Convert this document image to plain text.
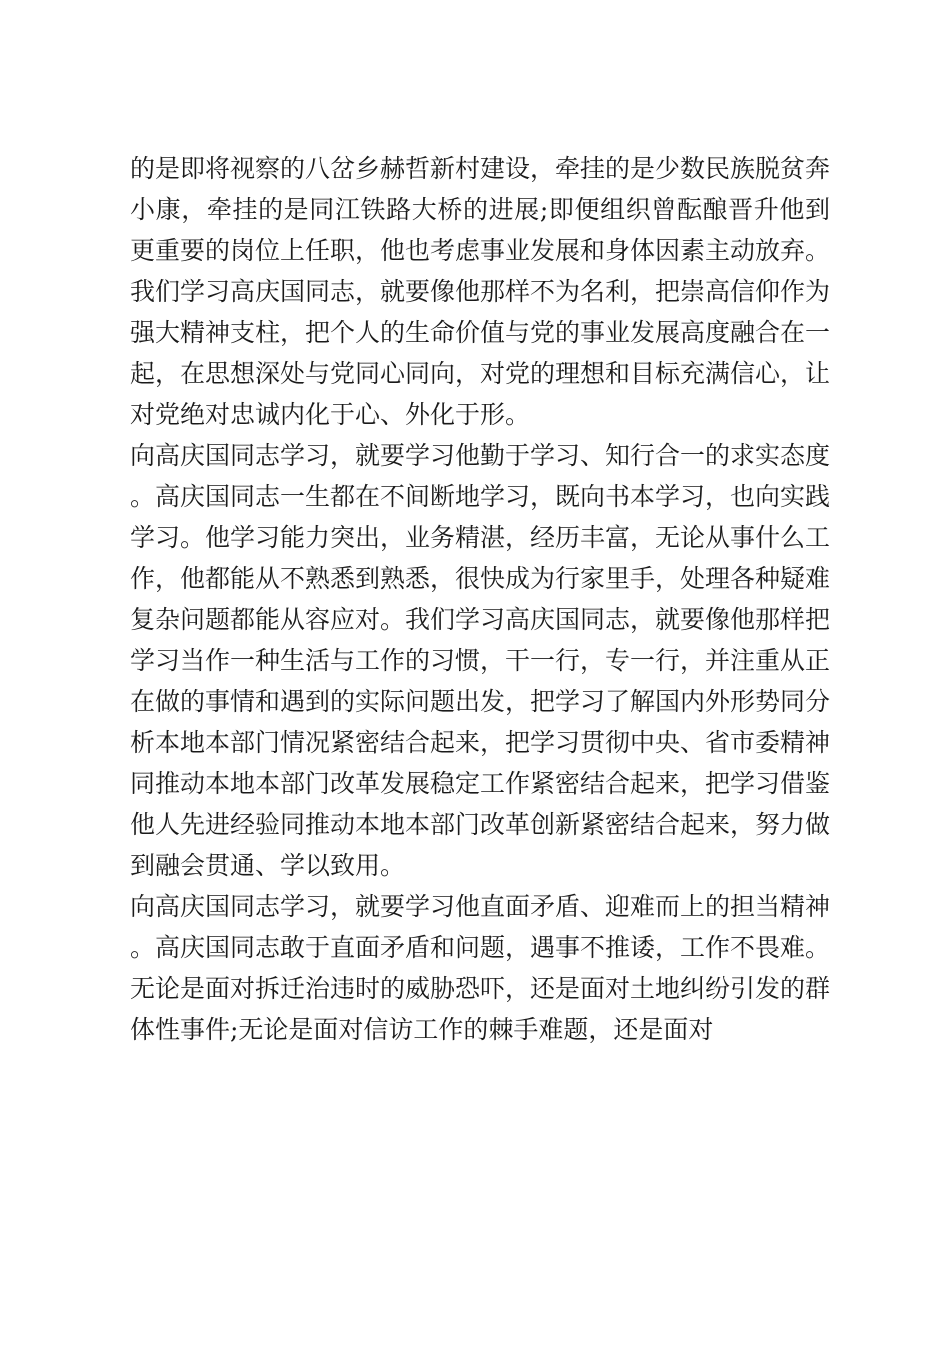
的是即将视察的八岔乡赫哲新村建设，牵挂的是少数民族脱贫奔小康，牵挂的是同江铁路大桥的进展;即便组织曾酝酿晋升他到更重要的岗位上任职，他也考虑事业发展和身体因素主动放弃。我们学习高庆国同志，就要像他那样不为名利，把崇高信仰作为强大精神支柱，把个人的生命价值与党的事业发展高度融合在一起，在思想深处与党同心同向，对党的理想和目标充满信心，让对党绝对忠诚内化于心、外化于形。

向高庆国同志学习，就要学习他勤于学习、知行合一的求实态度。高庆国同志一生都在不间断地学习，既向书本学习，也向实践学习。他学习能力突出，业务精湛，经历丰富，无论从事什么工作，他都能从不熟悉到熟悉，很快成为行家里手，处理各种疑难复杂问题都能从容应对。我们学习高庆国同志，就要像他那样把学习当作一种生活与工作的习惯，干一行，专一行，并注重从正在做的事情和遇到的实际问题出发，把学习了解国内外形势同分析本地本部门情况紧密结合起来，把学习贯彻中央、省市委精神同推动本地本部门改革发展稳定工作紧密结合起来，把学习借鉴他人先进经验同推动本地本部门改革创新紧密结合起来，努力做到融会贯通、学以致用。

向高庆国同志学习，就要学习他直面矛盾、迎难而上的担当精神。高庆国同志敢于直面矛盾和问题，遇事不推诿，工作不畏难。无论是面对拆迁治违时的威胁恐吓，还是面对土地纠纷引发的群体性事件;无论是面对信访工作的棘手难题，还是面对
